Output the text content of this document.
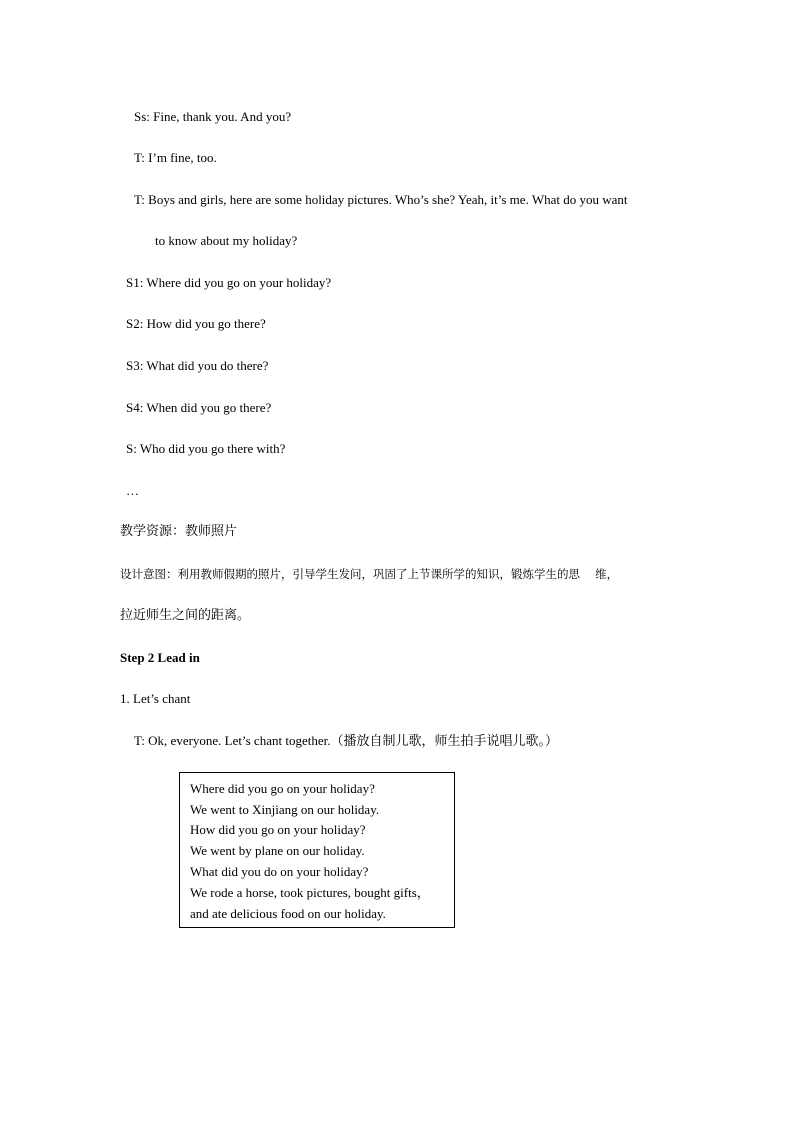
Ss: Fine, thank you. And you?
T: I’m fine, too.
T: Boys and girls, here are some holiday pictures. Who’s she? Yeah, it’s me. What do you want
to know about my holiday?
S1: Where did you go on your holiday?
S2: How did you go there?
S3: What did you do there?
S4: When did you go there?
S: Who did you go there with?
…
教学资源：教师照片
设计意图：利用教师假期的照片，引导学生发问，巩固了上节课所学的知识，锻炼学生的思　 维，
拉近师生之间的距离。
Step 2 Lead in
1. Let’s chant
T: Ok, everyone. Let’s chant together.（播放自制儿歌，师生拍手说唱儿歌。）
Where did you go on your holiday?
We went to Xinjiang on our holiday.
How did you go on your holiday?
We went by plane on our holiday.
What did you do on your holiday?
We rode a horse, took pictures, bought gifts，
and ate delicious food on our holiday.
